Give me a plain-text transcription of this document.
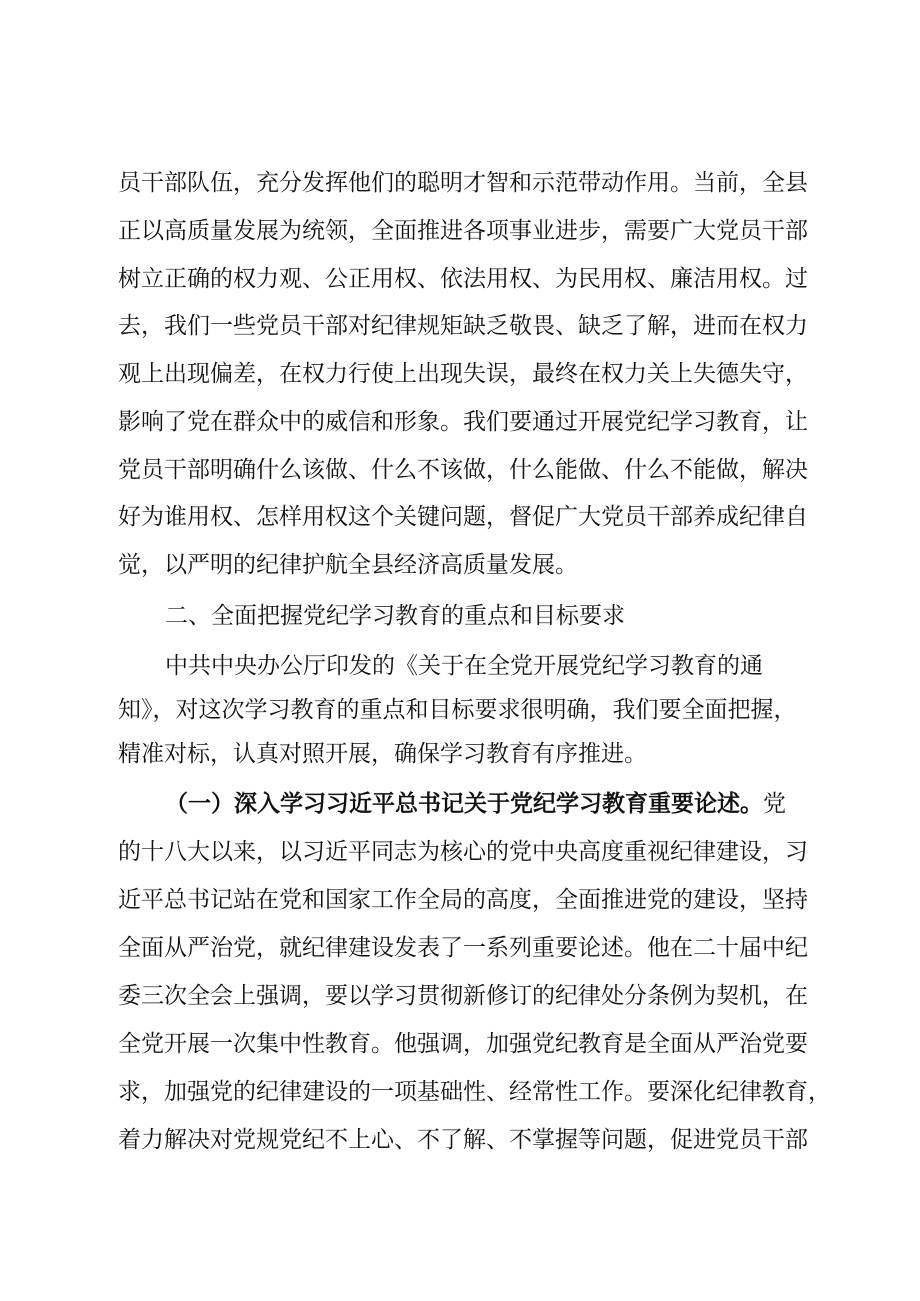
员干部队伍，充分发挥他们的聪明才智和示范带动作用。当前，全县
正以高质量发展为统领，全面推进各项事业进步，需要广大党员干部
树立正确的权力观、公正用权、依法用权、为民用权、廉洁用权。过
去，我们一些党员干部对纪律规矩缺乏敬畏、缺乏了解，进而在权力
观上出现偏差，在权力行使上出现失误，最终在权力关上失德失守，
影响了党在群众中的威信和形象。我们要通过开展党纪学习教育，让
党员干部明确什么该做、什么不该做，什么能做、什么不能做，解决
好为谁用权、怎样用权这个关键问题，督促广大党员干部养成纪律自
觉，以严明的纪律护航全县经济高质量发展。
二、全面把握党纪学习教育的重点和目标要求
中共中央办公厅印发的《关于在全党开展党纪学习教育的通
知》，对这次学习教育的重点和目标要求很明确，我们要全面把握，
精准对标，认真对照开展，确保学习教育有序推进。
（一）深入学习习近平总书记关于党纪学习教育重要论述。党
的十八大以来，以习近平同志为核心的党中央高度重视纪律建设，习
近平总书记站在党和国家工作全局的高度，全面推进党的建设，坚持
全面从严治党，就纪律建设发表了一系列重要论述。他在二十届中纪
委三次全会上强调，要以学习贯彻新修订的纪律处分条例为契机，在
全党开展一次集中性教育。他强调，加强党纪教育是全面从严治党要
求，加强党的纪律建设的一项基础性、经常性工作。要深化纪律教育，
着力解决对党规党纪不上心、不了解、不掌握等问题，促进党员干部
